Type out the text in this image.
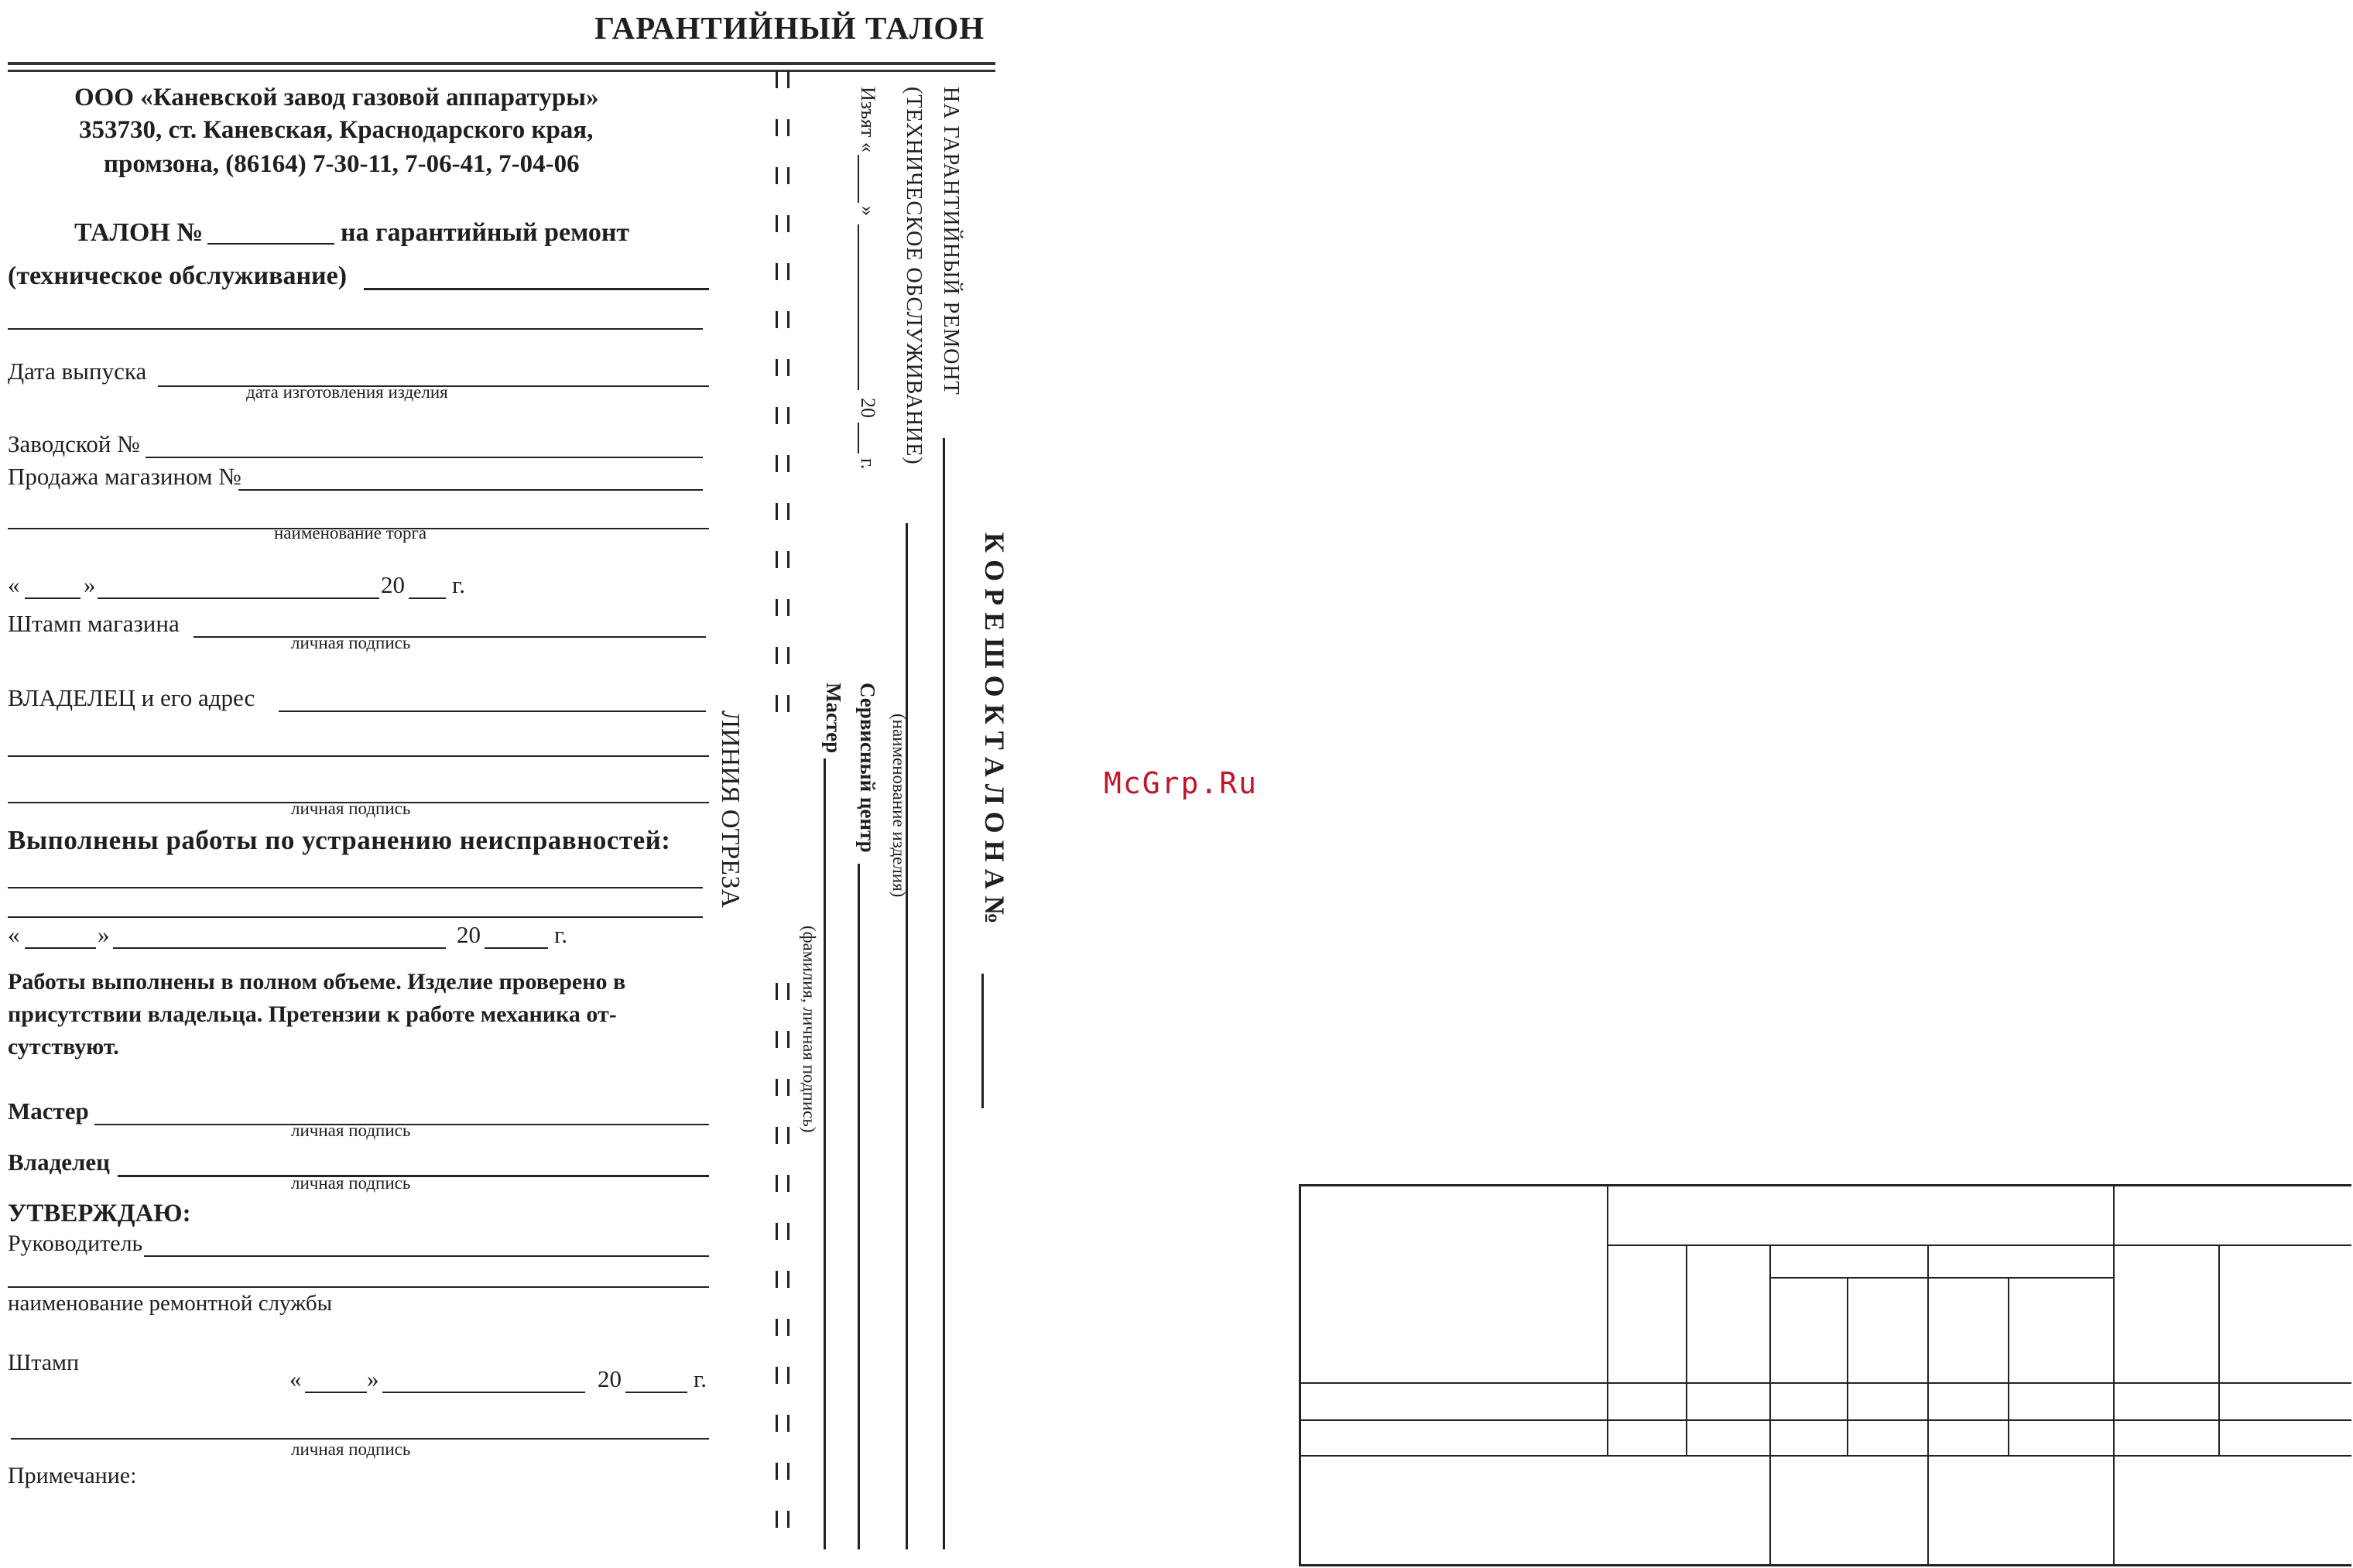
ГАРАНТИЙНЫЙ ТАЛОН
ООО «Каневской завод газовой аппаратуры»
353730, ст. Каневская, Краснодарского края,
промзона, (86164) 7-30-11, 7-06-41, 7-04-06
ТАЛОН №	на гарантийный ремонт
(техническое обслуживание)
Дата выпуска
дата изготовления изделия
Заводской №
Продажа магазином №
наименование торга
«	»	20 г.
Штамп магазина
личная подпись
ВЛАДЕЛЕЦ и его адрес
личная подпись
Выполнены работы по устранению неисправностей:
«	»	20	г.
Работы выполнены в полном объеме. Изделие проверено в
присутствии владельца. Претензии к работе механика от-
сутствуют.
Мастер
личная подпись
Владелец
личная подпись
УТВЕРЖДАЮ:
Руководитель
наименование ремонтной службы
Штамп
«	»	20	г.
личная подпись
Примечание:
ЛИНИЯ ОТРЕЗА
Изъят «
»
20
г. (ТЕХНИЧЕСКОЕ ОБСЛУЖИВАНИЕ) НА ГАРАНТИЙНЫЙ РЕМОНТ
(наименование изделия)
Сервисный центр
Мастер
(фамилия, личная подпись)
К О Р Е Ш О К Т А Л О Н А №	McGrp.Ru
